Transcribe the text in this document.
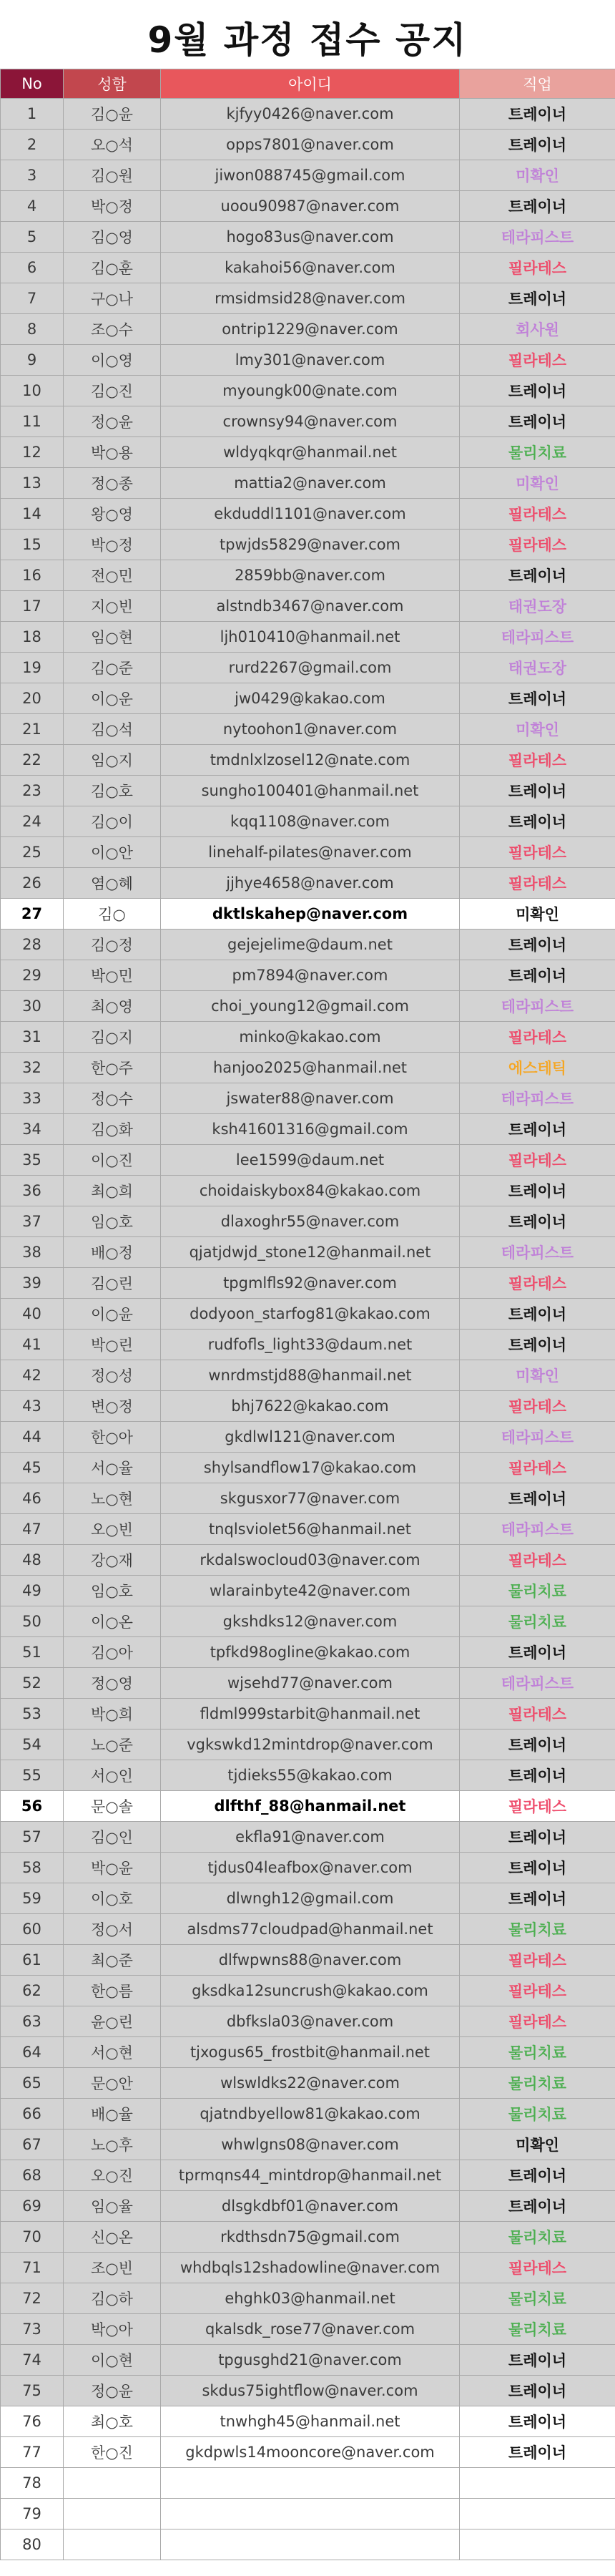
9월 과정 접수 공지
No	성함	아이디	직업
1	김○윤	kjfyy0426@naver.com	트레이너
2	오○석	opps7801@naver.com	트레이너
3	김○원	jiwon088745@gmail.com	미확인
4	박○정	uoou90987@naver.com	트레이너
5	김○영	hogo83us@naver.com	테라피스트
6	김○훈	kakahoi56@naver.com	필라테스
7	구○나	rmsidmsid28@naver.com	트레이너
8	조○수	ontrip1229@naver.com	회사원
9	이○영	lmy301@naver.com	필라테스
10	김○진	myoungk00@nate.com	트레이너
11	정○윤	crownsy94@naver.com	트레이너
12	박○용	wldyqkqr@hanmail.net	물리치료
13	정○종	mattia2@naver.com	미확인
14	왕○영	ekduddl1101@naver.com	필라테스
15	박○정	tpwjds5829@naver.com	필라테스
16	전○민	2859bb@naver.com	트레이너
17	지○빈	alstndb3467@naver.com	태권도장
18	임○현	ljh010410@hanmail.net	테라피스트
19	김○준	rurd2267@gmail.com	태권도장
20	이○운	jw0429@kakao.com	트레이너
21	김○석	nytoohon1@naver.com	미확인
22	임○지	tmdnlxlzosel12@nate.com	필라테스
23	김○호	sungho100401@hanmail.net	트레이너
24	김○이	kqq1108@naver.com	트레이너
25	이○안	linehalf-pilates@naver.com	필라테스
26	염○혜	jjhye4658@naver.com	필라테스
27	김○	dktlskahep@naver.com	미확인
28	김○정	gejejelime@daum.net	트레이너
29	박○민	pm7894@naver.com	트레이너
30	최○영	choi_young12@gmail.com	테라피스트
31	김○지	minko@kakao.com	필라테스
32	한○주	hanjoo2025@hanmail.net	에스테틱
33	정○수	jswater88@naver.com	테라피스트
34	김○화	ksh41601316@gmail.com	트레이너
35	이○진	lee1599@daum.net	필라테스
36	최○희	choidaiskybox84@kakao.com	트레이너
37	임○호	dlaxoghr55@naver.com	트레이너
38	배○정	qjatjdwjd_stone12@hanmail.net	테라피스트
39	김○린	tpgmlfls92@naver.com	필라테스
40	이○윤	dodyoon_starfog81@kakao.com	트레이너
41	박○린	rudfofls_light33@daum.net	트레이너
42	정○성	wnrdmstjd88@hanmail.net	미확인
43	변○정	bhj7622@kakao.com	필라테스
44	한○아	gkdlwl121@naver.com	테라피스트
45	서○율	shylsandflow17@kakao.com	필라테스
46	노○현	skgusxor77@naver.com	트레이너
47	오○빈	tnqlsviolet56@hanmail.net	테라피스트
48	강○재	rkdalswocloud03@naver.com	필라테스
49	임○호	wlarainbyte42@naver.com	물리치료
50	이○온	gkshdks12@naver.com	물리치료
51	김○아	tpfkd98ogline@kakao.com	트레이너
52	정○영	wjsehd77@naver.com	테라피스트
53	박○희	fldml999starbit@hanmail.net	필라테스
54	노○준	vgkswkd12mintdrop@naver.com	트레이너
55	서○인	tjdieks55@kakao.com	트레이너
56	문○솔	dlfthf_88@hanmail.net	필라테스
57	김○인	ekfla91@naver.com	트레이너
58	박○윤	tjdus04leafbox@naver.com	트레이너
59	이○호	dlwngh12@gmail.com	트레이너
60	정○서	alsdms77cloudpad@hanmail.net	물리치료
61	최○준	dlfwpwns88@naver.com	필라테스
62	한○름	gksdka12suncrush@kakao.com	필라테스
63	윤○린	dbfksla03@naver.com	필라테스
64	서○현	tjxogus65_frostbit@hanmail.net	물리치료
65	문○안	wlswldks22@naver.com	물리치료
66	배○율	qjatndbyellow81@kakao.com	물리치료
67	노○후	whwlgns08@naver.com	미확인
68	오○진	tprmqns44_mintdrop@hanmail.net	트레이너
69	임○율	dlsgkdbf01@naver.com	트레이너
70	신○온	rkdthsdn75@gmail.com	물리치료
71	조○빈	whdbqls12shadowline@naver.com	필라테스
72	김○하	ehghk03@hanmail.net	물리치료
73	박○아	qkalsdk_rose77@naver.com	물리치료
74	이○현	tpgusghd21@naver.com	트레이너
75	정○윤	skdus75ightflow@naver.com	트레이너
76	최○호	tnwhgh45@hanmail.net	트레이너
77	한○진	gkdpwls14mooncore@naver.com	트레이너
78			
79			
80			
